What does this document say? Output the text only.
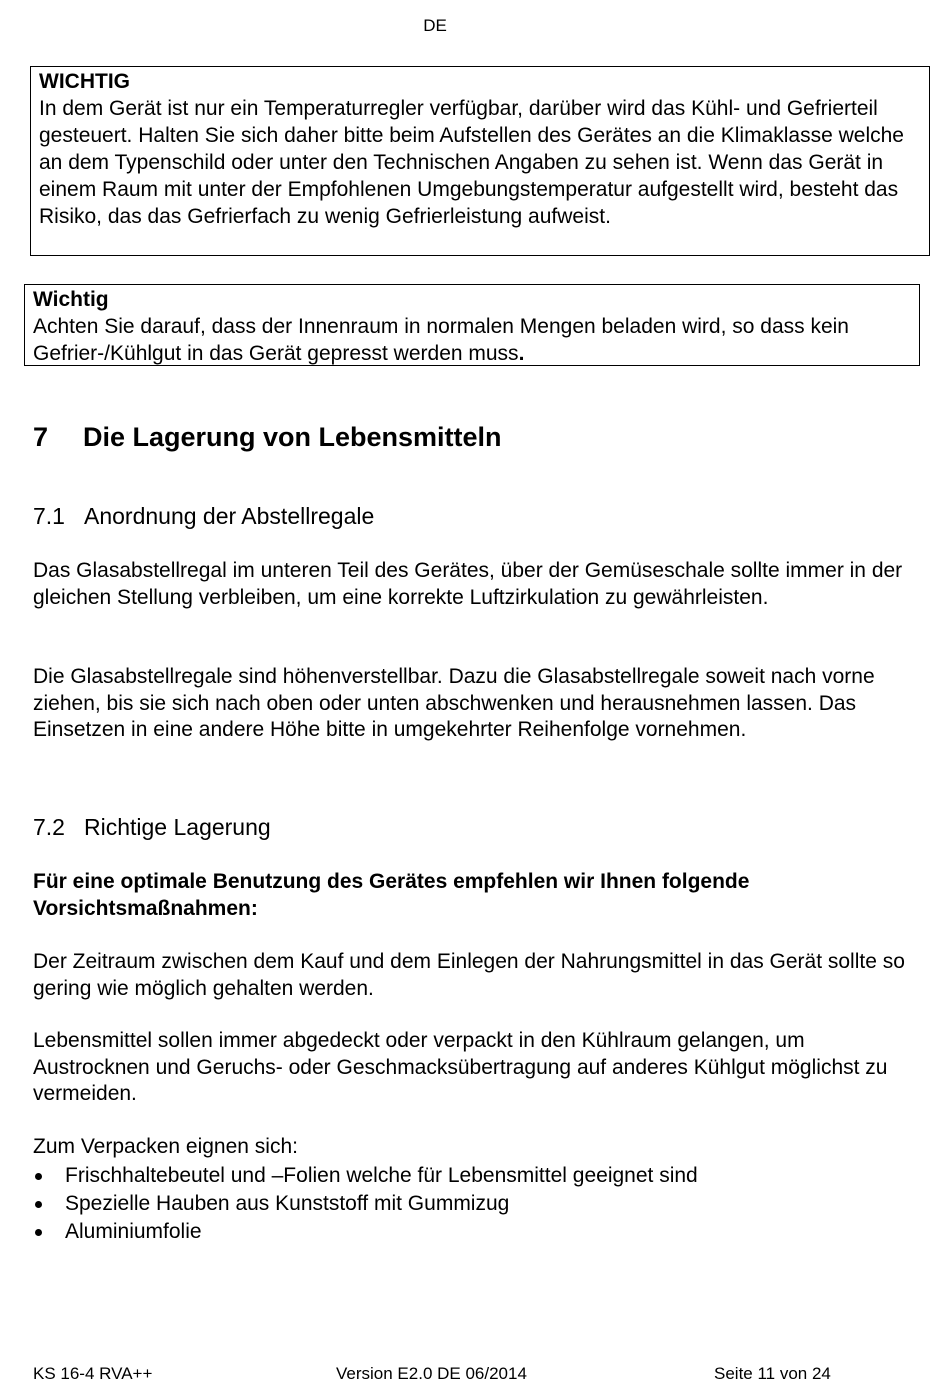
DE
WICHTIG
In dem Gerät ist nur ein Temperaturregler verfügbar, darüber wird das Kühl- und Gefrierteil gesteuert. Halten Sie sich daher bitte beim Aufstellen des Gerätes an die Klimaklasse welche an dem Typenschild oder unter den Technischen Angaben zu sehen ist. Wenn das Gerät in einem Raum mit unter der Empfohlenen Umgebungstemperatur aufgestellt wird, besteht das Risiko, das das Gefrierfach zu wenig Gefrierleistung aufweist.
Wichtig
Achten Sie darauf, dass der Innenraum in normalen Mengen beladen wird, so dass kein Gefrier-/Kühlgut in das Gerät gepresst werden muss.
7 Die Lagerung von Lebensmitteln
7.1 Anordnung der Abstellregale
Das Glasabstellregal im unteren Teil des Gerätes, über der Gemüseschale sollte immer in der gleichen Stellung verbleiben, um eine korrekte Luftzirkulation zu gewährleisten.
Die Glasabstellregale sind höhenverstellbar. Dazu die Glasabstellregale soweit nach vorne ziehen, bis sie sich nach oben oder unten abschwenken und herausnehmen lassen. Das Einsetzen in eine andere Höhe bitte in umgekehrter Reihenfolge vornehmen.
7.2 Richtige Lagerung
Für eine optimale Benutzung des Gerätes empfehlen wir Ihnen folgende Vorsichtsmaßnahmen:
Der Zeitraum zwischen dem Kauf und dem Einlegen der Nahrungsmittel in das Gerät sollte so gering wie möglich gehalten werden.
Lebensmittel sollen immer abgedeckt oder verpackt in den Kühlraum gelangen, um Austrocknen und Geruchs- oder Geschmacksübertragung auf anderes Kühlgut möglichst zu vermeiden.
Zum Verpacken eignen sich:
Frischhaltebeutel und –Folien welche für Lebensmittel geeignet sind
Spezielle Hauben aus Kunststoff mit Gummizug
Aluminiumfolie
KS 16-4 RVA++	Version E2.0 DE 06/2014	Seite 11 von 24
